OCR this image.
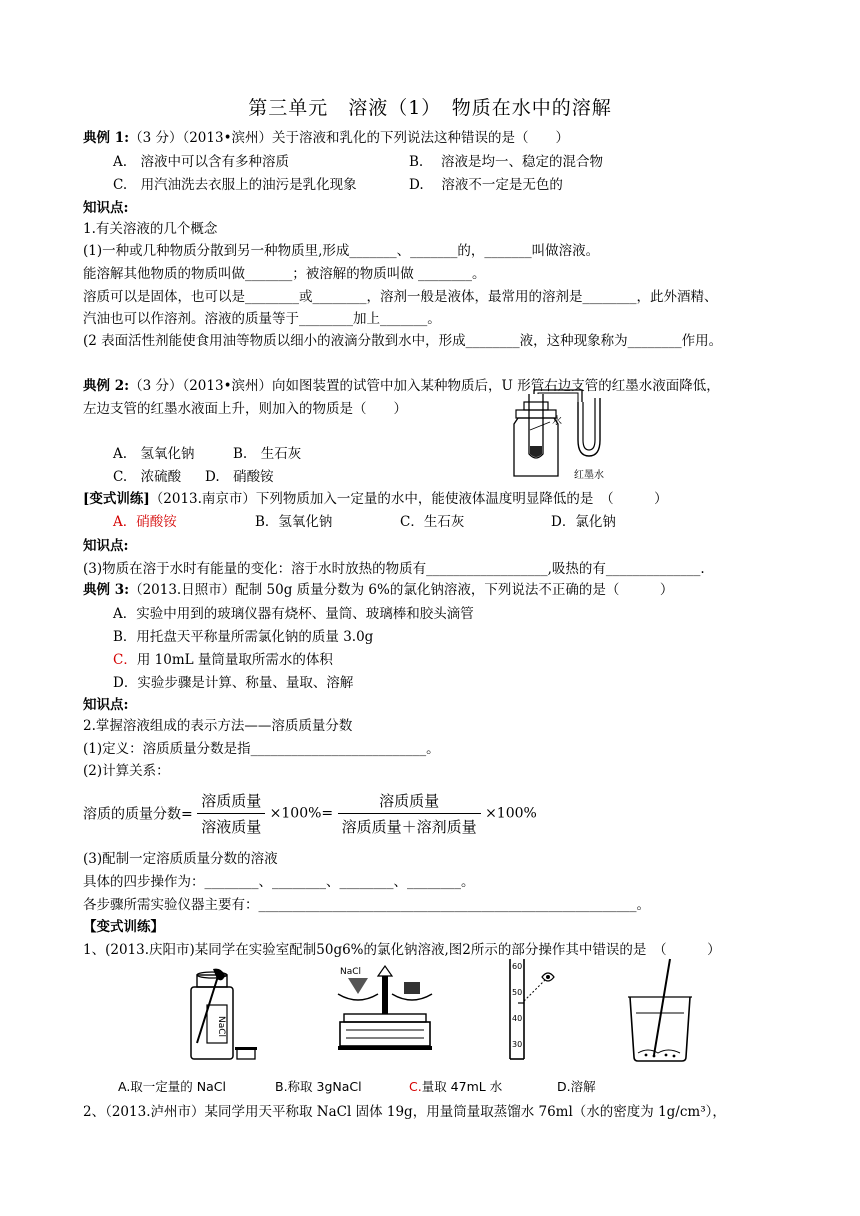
第三单元　溶液（1）　物质在水中的溶解
典例 1:（3 分）（2013•滨州）关于溶液和乳化的下列说法这种错误的是（　　）
A.　溶液中可以含有多种溶质	B.　 溶液是均一、稳定的混合物
C.　用汽油洗去衣服上的油污是乳化现象	D.　 溶液不一定是无色的
知识点:
1.有关溶液的几个概念
(1)一种或几种物质分散到另一种物质里,形成_______、_______的，_______叫做溶液。
能溶解其他物质的物质叫做_______；被溶解的物质叫做 ________。
溶质可以是固体，也可以是________或________，溶剂一般是液体，最常用的溶剂是________，此外酒精、
汽油也可以作溶剂。溶液的质量等于________加上_______。
(2 表面活性剂能使食用油等物质以细小的液滴分散到水中，形成________液，这种现象称为________作用。
典例 2:（3 分）（2013•滨州）向如图装置的试管中加入某种物质后，U 形管右边支管的红墨水液面降低，
左边支管的红墨水液面上升，则加入的物质是（　　）
A.　氢氧化钠	B.　生石灰
C.　浓硫酸 D.　硝酸铵
水
红墨水
[变式训练]（2013.南京市）下列物质加入一定量的水中，能使液体温度明显降低的是　（　　　）
A．硝酸铵	B．氢氧化钠	C．生石灰	D．氯化钠
知识点:
(3)物质在溶于水时有能量的变化：溶于水时放热的物质有__________________,吸热的有______________.
典例 3:（2013.日照市）配制 50g 质量分数为 6%的氯化钠溶液，下列说法不正确的是（　　　）
A．实验中用到的玻璃仪器有烧杯、量筒、玻璃棒和胶头滴管
B．用托盘天平称量所需氯化钠的质量 3.0g
C．用 10mL 量筒量取所需水的体积
D．实验步骤是计算、称量、量取、溶解
知识点:
2.掌握溶液组成的表示方法——溶质质量分数
(1)定义：溶质质量分数是指__________________________。
(2)计算关系：
溶质的质量分数= $\frac{\text{溶质质量}}{\text{溶液质量}} \times 100\%= \frac{\text{溶质质量}}{\text{溶质质量＋溶剂质量}} \times 100\%$
(3)配制一定溶质质量分数的溶液
具体的四步操作为：________、________、________、________。
各步骤所需实验仪器主要有：________________________________________________________。
【变式训练】
1、(2013.庆阳市)某同学在实验室配制50g6%的氯化钠溶液,图2所示的部分操作其中错误的是　（　　　）
NaCl
NaCl
60
50
40
30
A.取一定量的 NaCl	B.称取 3gNaCl	C.量取 47mL 水	D.溶解
2、（2013.泸州市）某同学用天平称取 NaCl 固体 19g，用量筒量取蒸馏水 76ml（水的密度为 1g/cm³），
